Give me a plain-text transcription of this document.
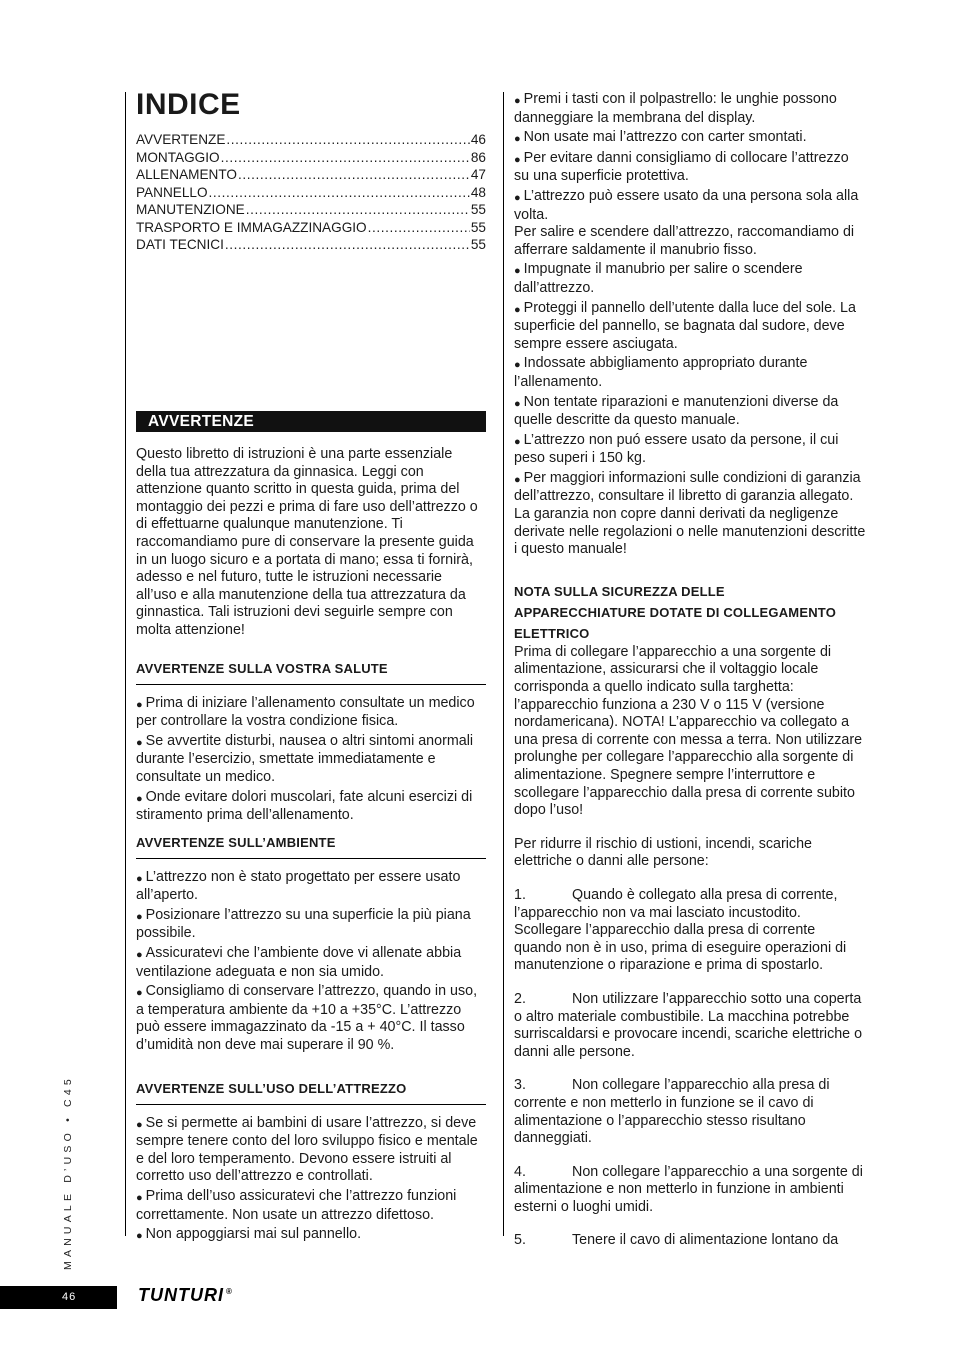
INDICE
AVVERTENZE .....	46
MONTAGGIO .....	86
ALLENAMENTO .....	47
PANNELLO .....	48
MANUTENZIONE .....	55
TRASPORTO E IMMAGAZZINAGGIO .....	55
DATI TECNICI .....	55
AVVERTENZE

Questo libretto di istruzioni è una parte essenziale della tua attrezzatura da ginnasica. Leggi con attenzione quanto scritto in questa guida, prima del montaggio dei pezzi e prima di fare uso dell’attrezzo o di effettuarne qualunque manutenzione. Ti raccomandiamo pure di conservare la presente guida in un luogo sicuro e a portata di mano; essa ti fornirà, adesso e nel futuro, tutte le istruzioni necessarie all’uso e alla manutenzione della tua attrezzatura da ginnastica. Tali istruzioni devi seguirle sempre con molta attenzione!

AVVERTENZE SULLA VOSTRA SALUTE

● Prima di iniziare l’allenamento consultate un medico per controllare la vostra condizione fisica.

● Se avvertite disturbi, nausea o altri sintomi anormali durante l’esercizio, smettate immediatamente e consultate un medico.

● Onde evitare dolori muscolari, fate alcuni esercizi di stiramento prima dell’allenamento.

AVVERTENZE SULL’AMBIENTE

● L’attrezzo non è stato progettato per essere usato all’aperto.

● Posizionare l’attrezzo su una superficie la più piana possibile.

● Assicuratevi che l’ambiente dove vi allenate abbia ventilazione adeguata e non sia umido.

● Consigliamo di conservare l’attrezzo, quando in uso, a temperatura ambiente da +10 a +35°C. L’attrezzo può essere immagazzinato da -15 a + 40°C. Il tasso d’umidità non deve mai superare il 90 %.

AVVERTENZE SULL’USO DELL’ATTREZZO

● Se si permette ai bambini di usare l’attrezzo, si deve sempre tenere conto del loro sviluppo fisico e mentale e del loro temperamento. Devono essere istruiti al corretto uso dell’attrezzo e controllati.

● Prima dell’uso assicuratevi che l’attrezzo funzioni correttamente. Non usate un attrezzo difettoso.

● Non appoggiarsi mai sul pannello.

● Premi i tasti con il polpastrello: le unghie possono danneggiare la membrana del display.

● Non usate mai l’attrezzo con carter smontati.

● Per evitare danni consigliamo di collocare l’attrezzo su una superficie protettiva.

● L’attrezzo può essere usato da una persona sola alla volta.

Per salire e scendere dall’attrezzo, raccomandiamo di afferrare saldamente il manubrio fisso.

● Impugnate il manubrio per salire o scendere dall’attrezzo.

● Proteggi il pannello dell’utente dalla luce del sole. La superficie del pannello, se bagnata dal sudore, deve sempre essere asciugata.

● Indossate abbigliamento appropriato durante l’allenamento.

● Non tentate riparazioni e manutenzioni diverse da quelle descritte da questo manuale.

● L’attrezzo non puó essere usato da persone, il cui peso superi i 150 kg.

● Per maggiori informazioni sulle condizioni di garanzia dell’attrezzo, consultare il libretto di garanzia allegato. La garanzia non copre danni derivati da negligenze derivate nelle regolazioni o nelle manutenzioni descritte i questo manuale!

NOTA SULLA SICUREZZA DELLE
APPARECCHIATURE DOTATE DI COLLEGAMENTO
ELETTRICO

Prima di collegare l’apparecchio a una sorgente di alimentazione, assicurarsi che il voltaggio locale corrisponda a quello indicato sulla targhetta: l’apparecchio funziona a 230 V o 115 V (versione nordamericana). NOTA! L’apparecchio va collegato a una presa di corrente con messa a terra. Non utilizzare prolunghe per collegare l’apparecchio alla sorgente di alimentazione. Spegnere sempre l’interruttore e scollegare l’apparecchio dalla presa di corrente subito dopo l’uso!

Per ridurre il rischio di ustioni, incendi, scariche elettriche o danni alle persone:

1.	Quando è collegato alla presa di corrente, l’apparecchio non va mai lasciato incustodito. Scollegare l’apparecchio dalla presa di corrente quando non è in uso, prima di eseguire operazioni di manutenzione o riparazione e prima di spostarlo.

2.	Non utilizzare l’apparecchio sotto una coperta o altro materiale combustibile. La macchina potrebbe surriscaldarsi e provocare incendi, scariche elettriche o danni alle persone.

3.	Non collegare l’apparecchio alla presa di corrente e non metterlo in funzione se il cavo di alimentazione o l’apparecchio stesso risultano danneggiati.

4.	Non collegare l’apparecchio a una sorgente di alimentazione e non metterlo in funzione in ambienti esterni o luoghi umidi.

5.	Tenere il cavo di alimentazione lontano da

MANUALE D’USO • C45
46	TUNTURI ®
